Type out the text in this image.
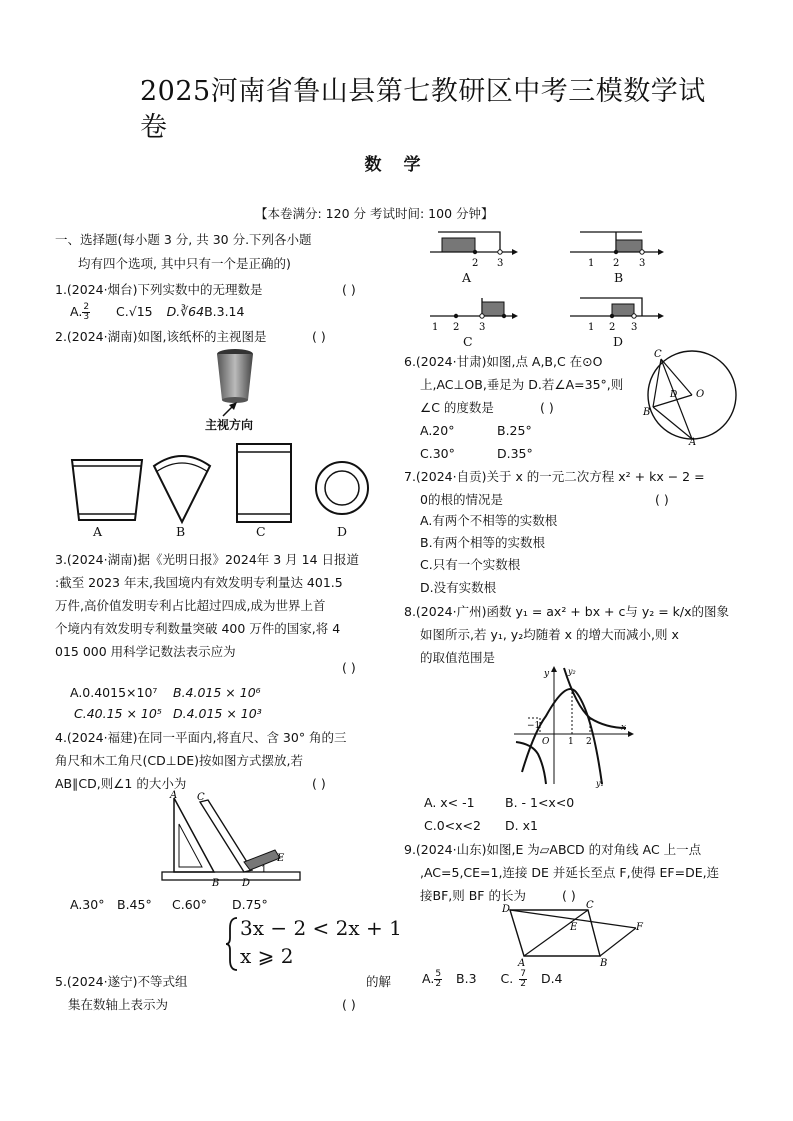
2025河南省鲁山县第七教研区中考三模数学试
卷
数 学
【本卷满分: 120 分 考试时间: 100 分钟】
一、选择题(每小题 3 分, 共 30 分.下列各小题
均有四个选项, 其中只有一个是正确的)
1.(2024·烟台)下列实数中的无理数是	( )
A. $\frac{2}{3} C.√15$ D.∛64B.3.14
2.(2024·湖南)如图,该纸杯的主视图是	( )
主视方向
A	B	C	D
3.(2024·湖南)据《光明日报》2024年 3 月 14 日报道
:截至 2023 年末,我国境内有效发明专利量达 401.5
万件,高价值发明专利占比超过四成,成为世界上首
个境内有效发明专利数量突破 400 万件的国家,将 4
015 000 用科学记数法表示应为
( )
A.0.4015×10⁷ B.4.015 × 10⁶
C.40.15 × 10⁵ D.4.015 × 10³
4.(2024·福建)在同一平面内,将直尺、含 30° 角的三
角尺和木工角尺(CD⊥DE)按如图方式摆放,若
AB∥CD,则∠1 的大小为	( )
A C
B D
E
1
A.30° B.45° C.60° D.75°
3x − 2 < 2x + 1
x ⩾ 2
5.(2024·遂宁)不等式组	的解
集在数轴上表示为	( )
2 3	1 2 3
1 2 3	1 2 3
A	B
C	D
6.(2024·甘肃)如图,点 A,B,C 在⊙O
上,AC⊥OB,垂足为 D.若∠A=35°,则
∠C 的度数是	( )
A.20°	B.25°
C.30°	D.35°
C
O
B
A
D
7.(2024·自贡)关于 x 的一元二次方程 x² + kx − 2 =
0的根的情况是	( )
A.有两个不相等的实数根
B.有两个相等的实数根
C.只有一个实数根
D.没有实数根
8.(2024·广州)函数 y₁ = ax² + bx + c与 y₂ = k/x的图象
如图所示,若 y₁, y₂均随着 x 的增大而减小,则 x
的取值范围是
y
x
−1
O 1 2
y₂
y₁
A. x< -1 B. - 1<x<0
C.0<x<2 D. x1
9.(2024·山东)如图,E 为▱ABCD 的对角线 AC 上一点
,AC=5,CE=1,连接 DE 并延长至点 F,使得 EF=DE,连
接BF,则 BF 的长为	( )
D	C
E	F
A	B
A. $\frac{5}{2} B.3$ C. $\frac{7}{2} D.4$
